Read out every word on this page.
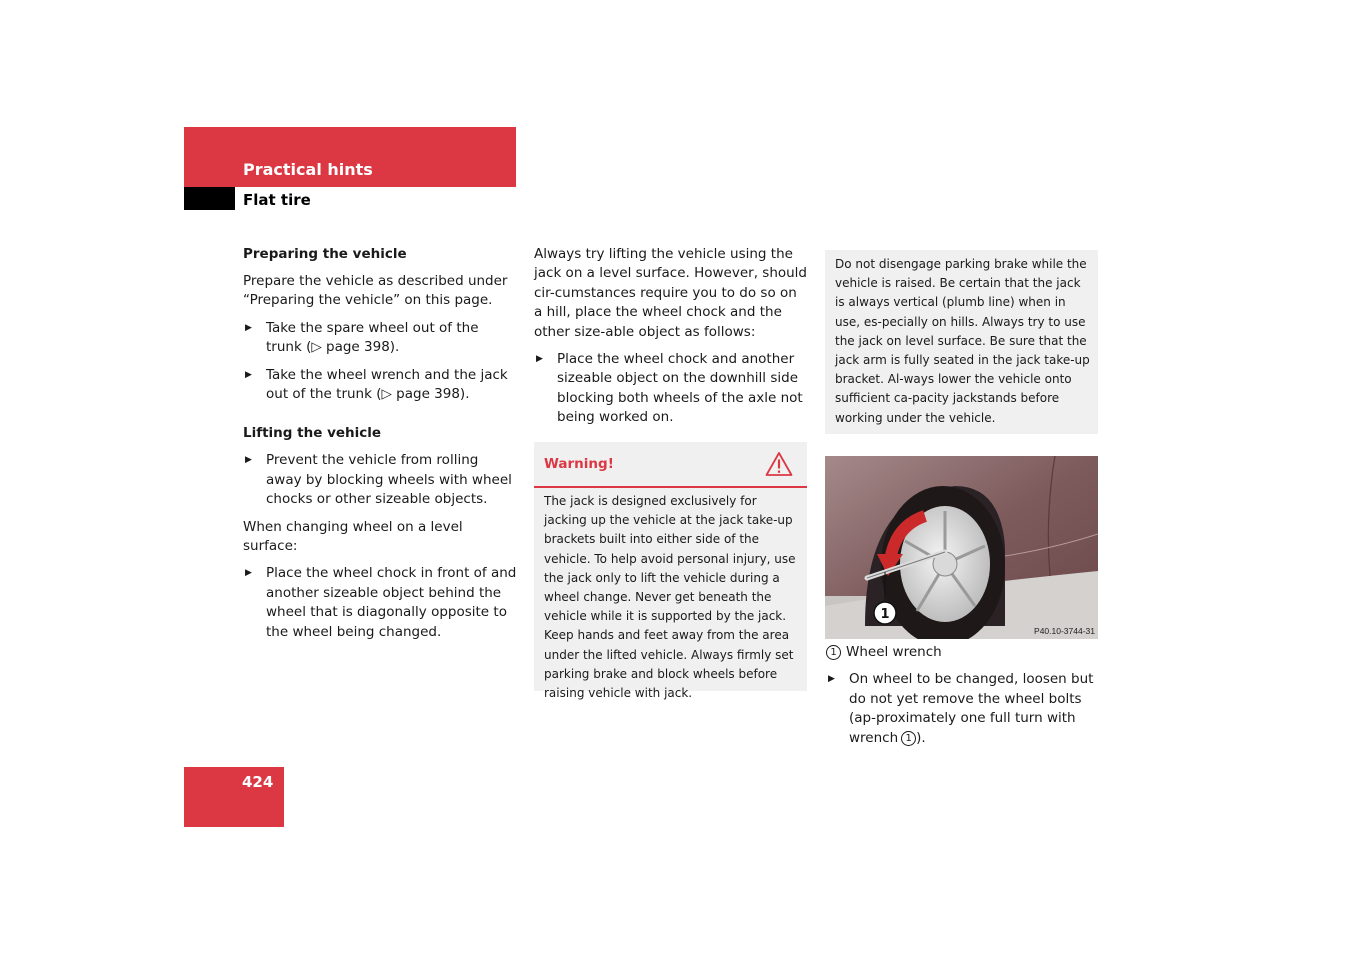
Practical hints
Flat tire
Preparing the vehicle

Prepare the vehicle as described under “Preparing the vehicle” on this page.

▶ Take the spare wheel out of the trunk (▷ page 398).

▶ Take the wheel wrench and the jack out of the trunk (▷ page 398).

Lifting the vehicle

▶ Prevent the vehicle from rolling away by blocking wheels with wheel chocks or other sizeable objects.

When changing wheel on a level surface:

▶ Place the wheel chock in front of and another sizeable object behind the wheel that is diagonally opposite to the wheel being changed.

Always try lifting the vehicle using the jack on a level surface. However, should cir-cumstances require you to do so on a hill, place the wheel chock and the other size-able object as follows:

▶ Place the wheel chock and another sizeable object on the downhill side blocking both wheels of the axle not being worked on.

Warning!
The jack is designed exclusively for jacking up the vehicle at the jack take-up brackets built into either side of the vehicle. To help avoid personal injury, use the jack only to lift the vehicle during a wheel change. Never get beneath the vehicle while it is supported by the jack. Keep hands and feet away from the area under the lifted vehicle. Always firmly set parking brake and block wheels before raising vehicle with jack.
Do not disengage parking brake while the vehicle is raised. Be certain that the jack is always vertical (plumb line) when in use, es-pecially on hills. Always try to use the jack on level surface. Be sure that the jack arm is fully seated in the jack take-up bracket. Al-ways lower the vehicle onto sufficient ca-pacity jackstands before working under the vehicle.
1
P40.10-3744-31

1 Wheel wrench

▶ On wheel to be changed, loosen but do not yet remove the wheel bolts (ap-proximately one full turn with wrench 1 ).

424
